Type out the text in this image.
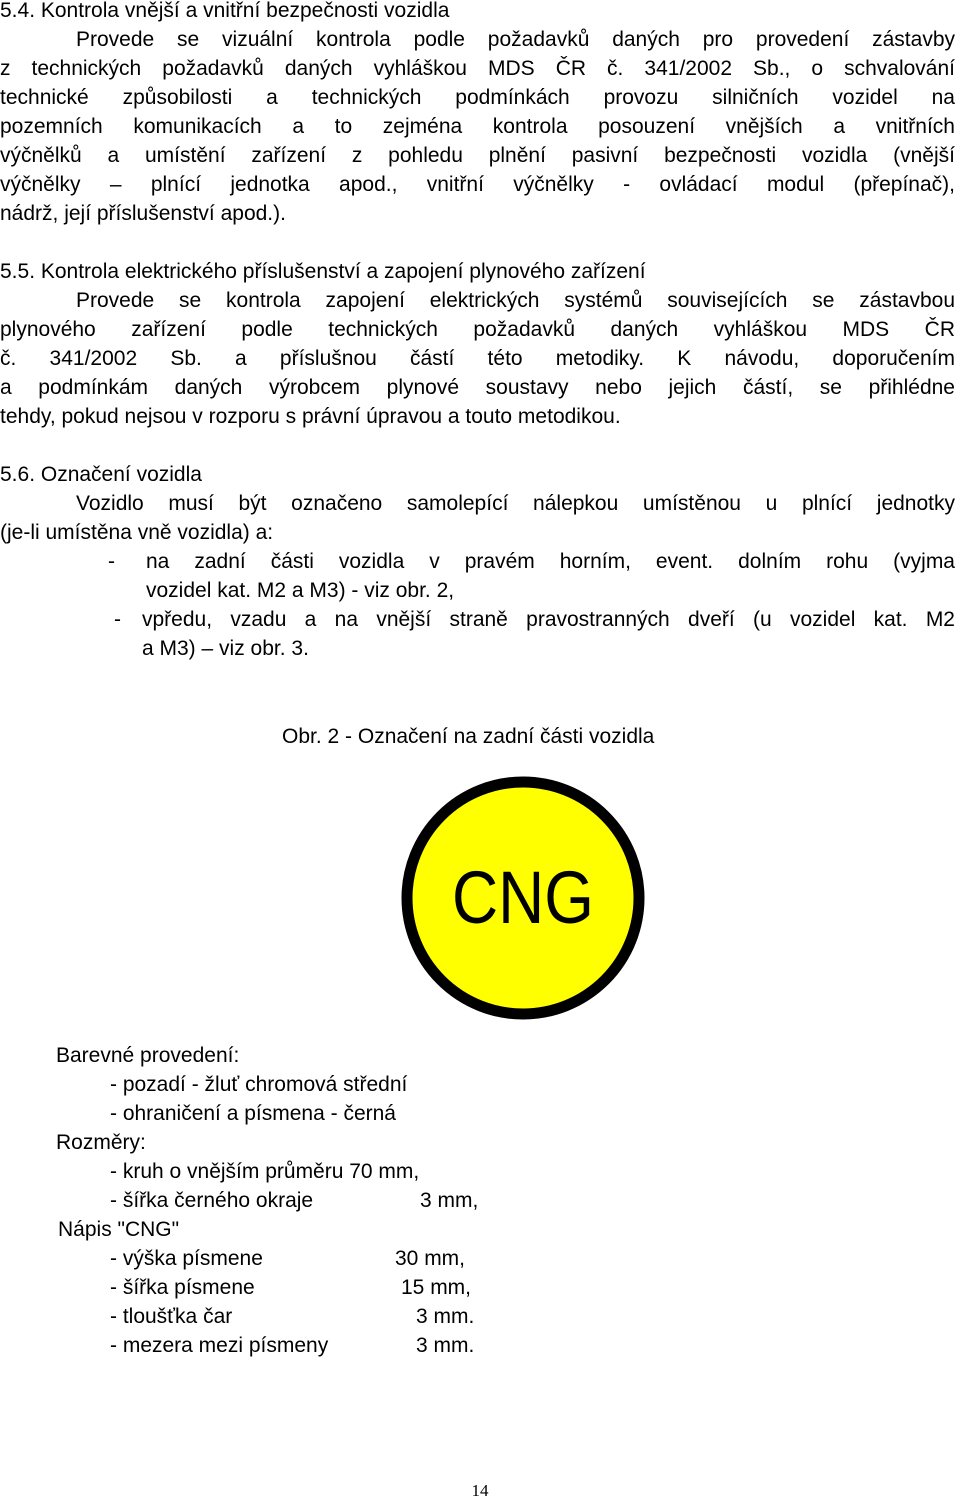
5.4. Kontrola vnější a vnitřní bezpečnosti vozidla
Provede se vizuální kontrola podle požadavků daných pro provedení zástavby
z technických požadavků daných vyhláškou MDS ČR č. 341/2002 Sb., o schvalování
technické způsobilosti a technických podmínkách provozu silničních vozidel na
pozemních komunikacích a to zejména kontrola posouzení vnějších a vnitřních
výčnělků a umístění zařízení z pohledu plnění pasivní bezpečnosti vozidla (vnější
výčnělky – plnící jednotka apod., vnitřní výčnělky - ovládací modul (přepínač),
nádrž, její příslušenství apod.).
5.5. Kontrola elektrického příslušenství a zapojení plynového zařízení
Provede se kontrola zapojení elektrických systémů souvisejících se zástavbou
plynového zařízení podle technických požadavků daných vyhláškou MDS ČR
č. 341/2002 Sb. a příslušnou částí této metodiky. K návodu, doporučením
a podmínkám daných výrobcem plynové soustavy nebo jejich částí, se přihlédne
tehdy, pokud nejsou v rozporu s právní úpravou a touto metodikou.
5.6. Označení vozidla
Vozidlo musí být označeno samolepící nálepkou umístěnou u plnící jednotky
(je-li umístěna vně vozidla) a:
- na zadní části vozidla v pravém horním, event. dolním rohu (vyjma
vozidel kat. M2 a M3) - viz obr. 2,
- vpředu, vzadu a na vnější straně pravostranných dveří (u vozidel kat. M2
a M3) – viz obr. 3.
Obr. 2 - Označení na zadní části vozidla
CNG
Barevné provedení:
- pozadí - žluť chromová střední
- ohraničení a písmena - černá
Rozměry:
- kruh o vnějším průměru 70 mm,
- šířka černého okraje	3 mm,
Nápis "CNG"
- výška písmene	30 mm,
- šířka písmene	15 mm,
- tloušťka čar	3 mm.
- mezera mezi písmeny	3 mm.
14
